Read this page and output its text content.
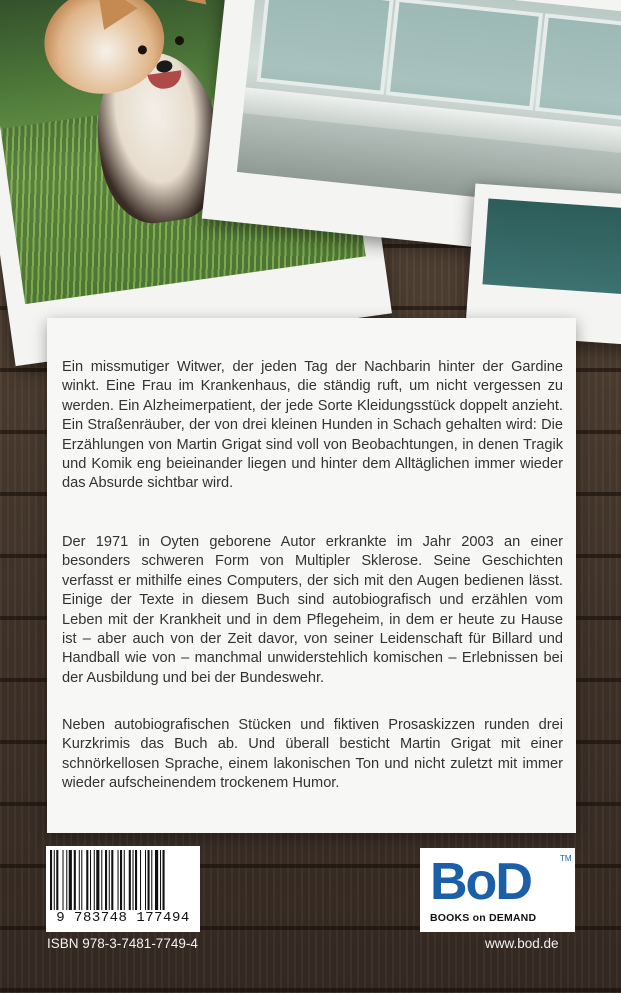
Ein missmutiger Witwer, der jeden Tag der Nachbarin hinter der Gardine winkt. Eine Frau im Krankenhaus, die ständig ruft, um nicht vergessen zu werden. Ein Alzheimerpatient, der jede Sorte Kleidungsstück doppelt anzieht. Ein Straßenräuber, der von drei kleinen Hunden in Schach gehalten wird: Die Erzählungen von Martin Grigat sind voll von Beobachtungen, in denen Tragik und Komik eng beieinander liegen und hinter dem Alltäglichen immer wieder das Absurde sichtbar wird.

Der 1971 in Oyten geborene Autor erkrankte im Jahr 2003 an einer besonders schweren Form von Multipler Sklerose. Seine Geschichten verfasst er mithilfe eines Computers, der sich mit den Augen bedienen lässt. Einige der Texte in diesem Buch sind autobiografisch und erzählen vom Leben mit der Krankheit und in dem Pflegeheim, in dem er heute zu Hause ist – aber auch von der Zeit davor, von seiner Leidenschaft für Billard und Handball wie von – manchmal unwiderstehlich komischen – Erlebnissen bei der Ausbildung und bei der Bundeswehr.

Neben autobiografischen Stücken und fiktiven Prosaskizzen runden drei Kurzkrimis das Buch ab. Und überall besticht Martin Grigat mit einer schnörkellosen Sprache, einem lakonischen Ton und nicht zuletzt mit immer wieder aufscheinendem trockenem Humor.

9 783748 177494
ISBN 978-3-7481-7749-4
BoD	TM
BOOKS on DEMAND
www.bod.de
